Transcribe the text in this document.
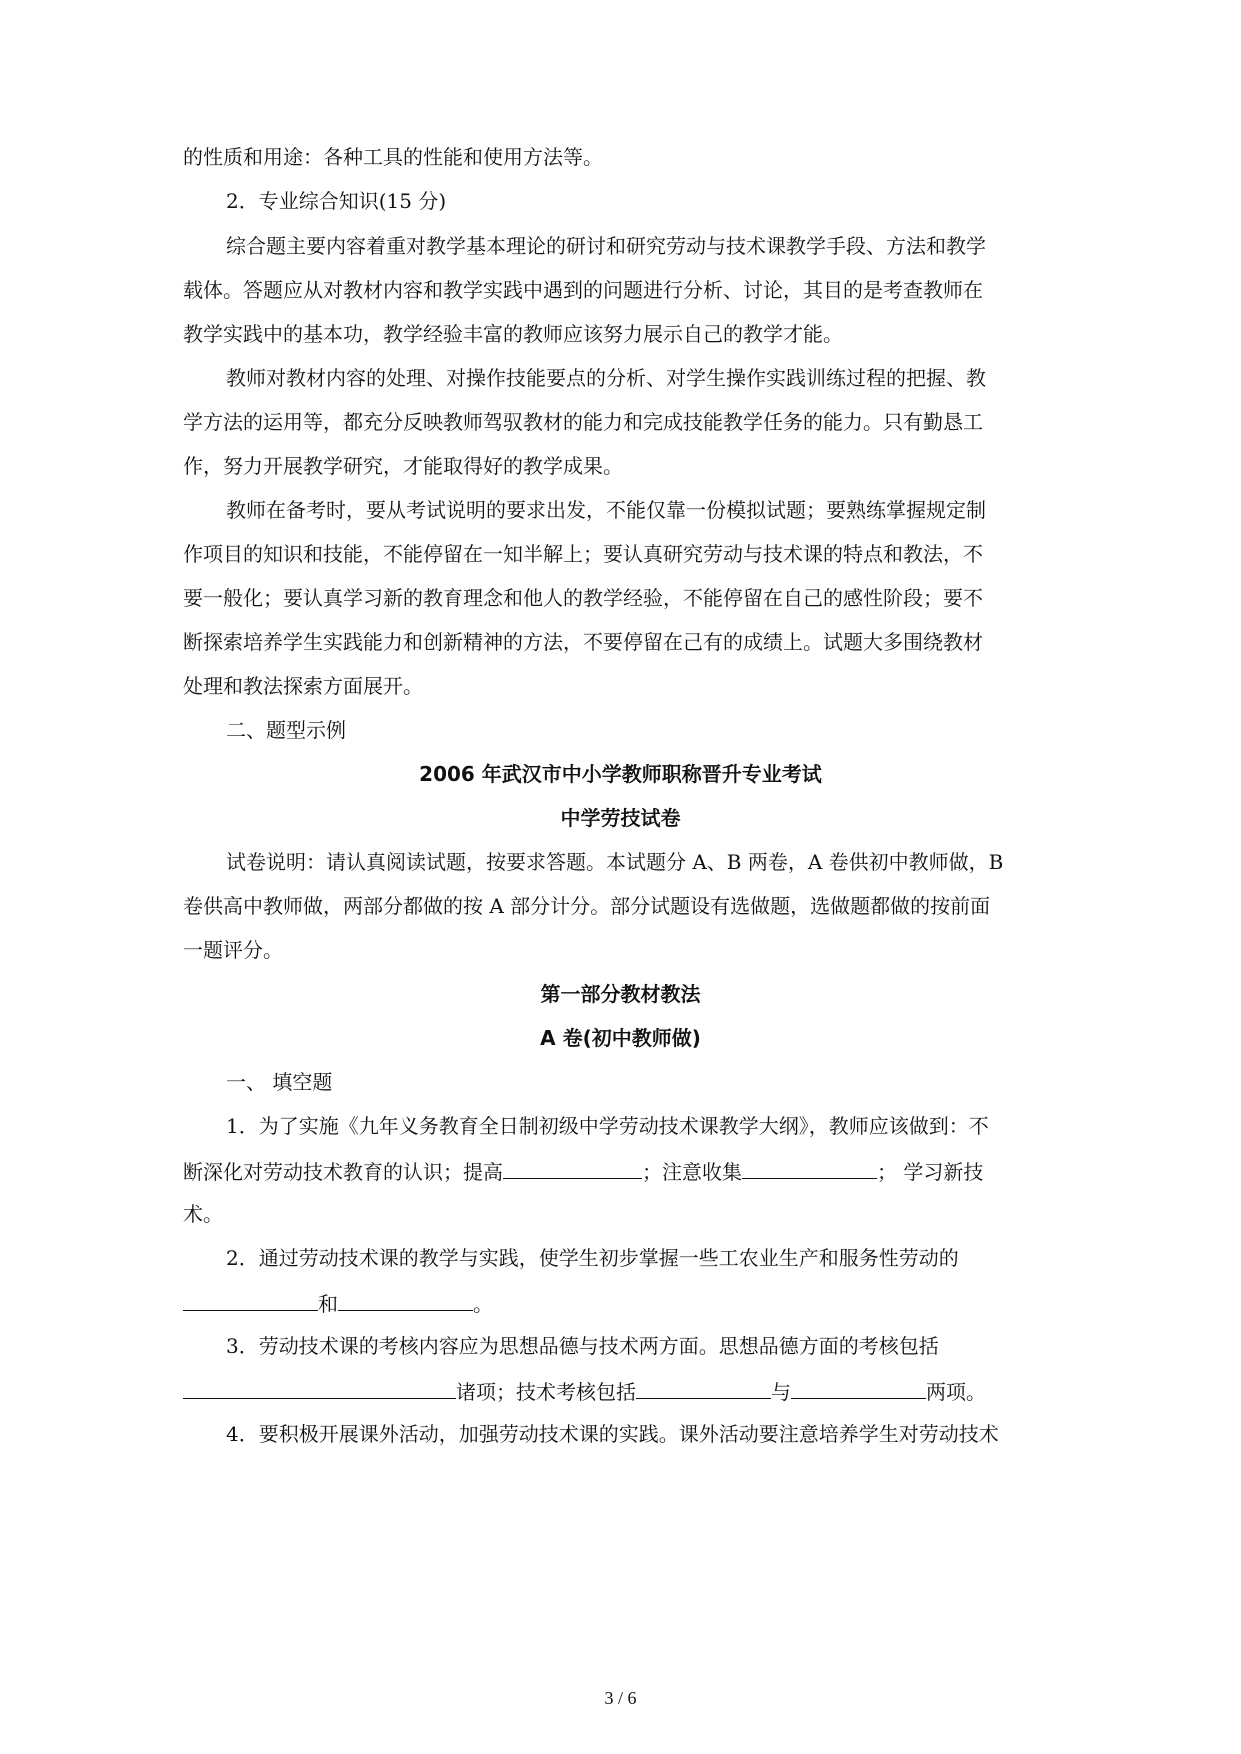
的性质和用途：各种工具的性能和使用方法等。
2．专业综合知识(15 分)
综合题主要内容着重对教学基本理论的研讨和研究劳动与技术课教学手段、方法和教学
载体。答题应从对教材内容和教学实践中遇到的问题进行分析、讨论，其目的是考查教师在
教学实践中的基本功，教学经验丰富的教师应该努力展示自己的教学才能。
教师对教材内容的处理、对操作技能要点的分析、对学生操作实践训练过程的把握、教
学方法的运用等，都充分反映教师驾驭教材的能力和完成技能教学任务的能力。只有勤恳工
作，努力开展教学研究，才能取得好的教学成果。
教师在备考时，要从考试说明的要求出发，不能仅靠一份模拟试题；要熟练掌握规定制
作项目的知识和技能，不能停留在一知半解上；要认真研究劳动与技术课的特点和教法，不
要一般化；要认真学习新的教育理念和他人的教学经验，不能停留在自己的感性阶段；要不
断探索培养学生实践能力和创新精神的方法，不要停留在己有的成绩上。试题大多围绕教材
处理和教法探索方面展开。
二、题型示例
2006 年武汉市中小学教师职称晋升专业考试
中学劳技试卷
试卷说明：请认真阅读试题，按要求答题。本试题分 A、B 两卷，A 卷供初中教师做，B
卷供高中教师做，两部分都做的按 A 部分计分。部分试题设有选做题，选做题都做的按前面
一题评分。
第一部分教材教法
A 卷(初中教师做)
一、 填空题
1．为了实施《九年义务教育全日制初级中学劳动技术课教学大纲》，教师应该做到：不
断深化对劳动技术教育的认识；提高	；注意收集	； 学习新技
术。
2．通过劳动技术课的教学与实践，使学生初步掌握一些工农业生产和服务性劳动的
和	。
3．劳动技术课的考核内容应为思想品德与技术两方面。思想品德方面的考核包括
诸项；技术考核包括	与	两项。
4．要积极开展课外活动，加强劳动技术课的实践。课外活动要注意培养学生对劳动技术
3 / 6
